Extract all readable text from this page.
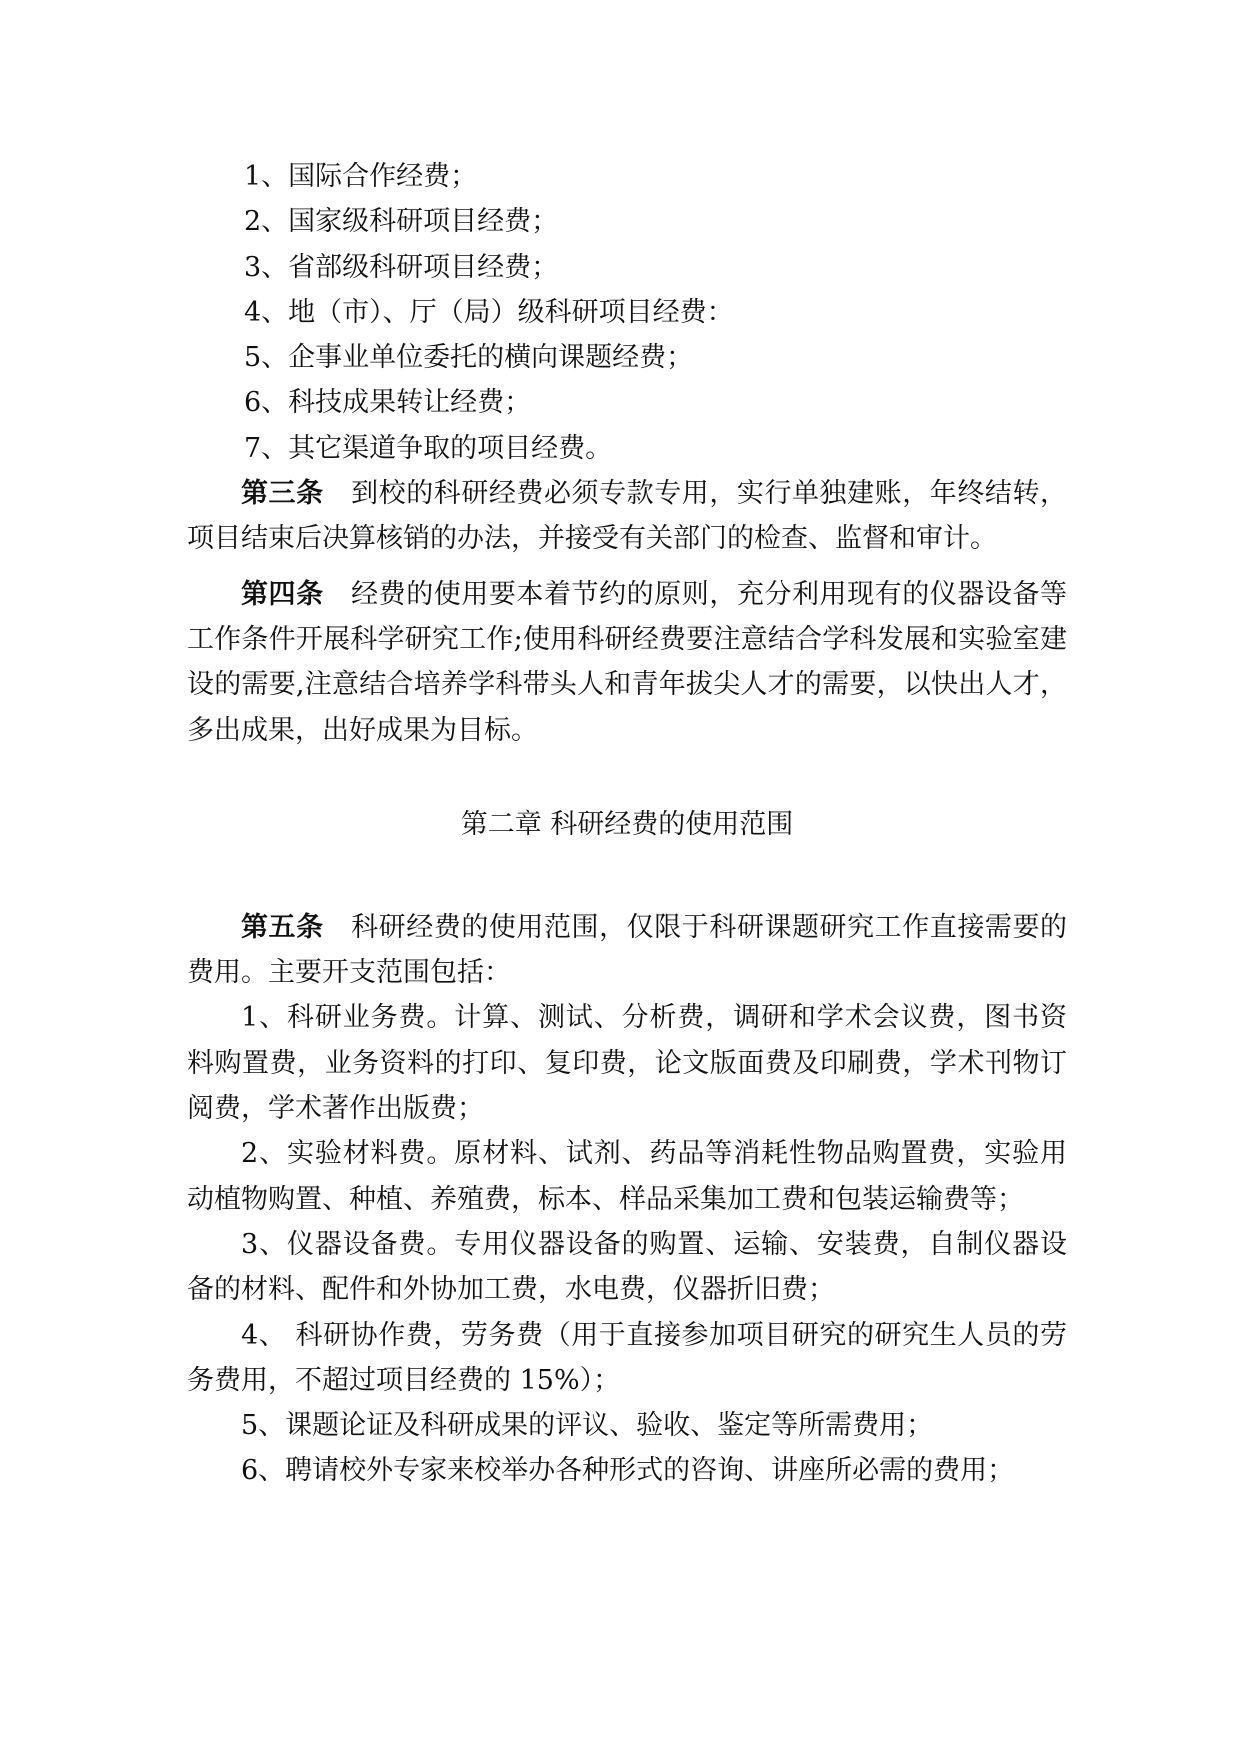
1、国际合作经费；

2、国家级科研项目经费；

3、省部级科研项目经费；

4、地（市）、厅（局）级科研项目经费：

5、企事业单位委托的横向课题经费；

6、科技成果转让经费；

7、其它渠道争取的项目经费。

第三条 到校的科研经费必须专款专用，实行单独建账，年终结转，项目结束后决算核销的办法，并接受有关部门的检查、监督和审计。

第四条 经费的使用要本着节约的原则，充分利用现有的仪器设备等工作条件开展科学研究工作;使用科研经费要注意结合学科发展和实验室建设的需要,注意结合培养学科带头人和青年拔尖人才的需要，以快出人才，多出成果，出好成果为目标。

第二章 科研经费的使用范围

第五条 科研经费的使用范围，仅限于科研课题研究工作直接需要的费用。主要开支范围包括：

1、科研业务费。计算、测试、分析费，调研和学术会议费，图书资料购置费，业务资料的打印、复印费，论文版面费及印刷费，学术刊物订阅费，学术著作出版费；

2、实验材料费。原材料、试剂、药品等消耗性物品购置费，实验用动植物购置、种植、养殖费，标本、样品采集加工费和包装运输费等；

3、仪器设备费。专用仪器设备的购置、运输、安装费，自制仪器设备的材料、配件和外协加工费，水电费，仪器折旧费；

4、 科研协作费，劳务费（用于直接参加项目研究的研究生人员的劳务费用，不超过项目经费的 15%）；

5、课题论证及科研成果的评议、验收、鉴定等所需费用；

6、聘请校外专家来校举办各种形式的咨询、讲座所必需的费用；
